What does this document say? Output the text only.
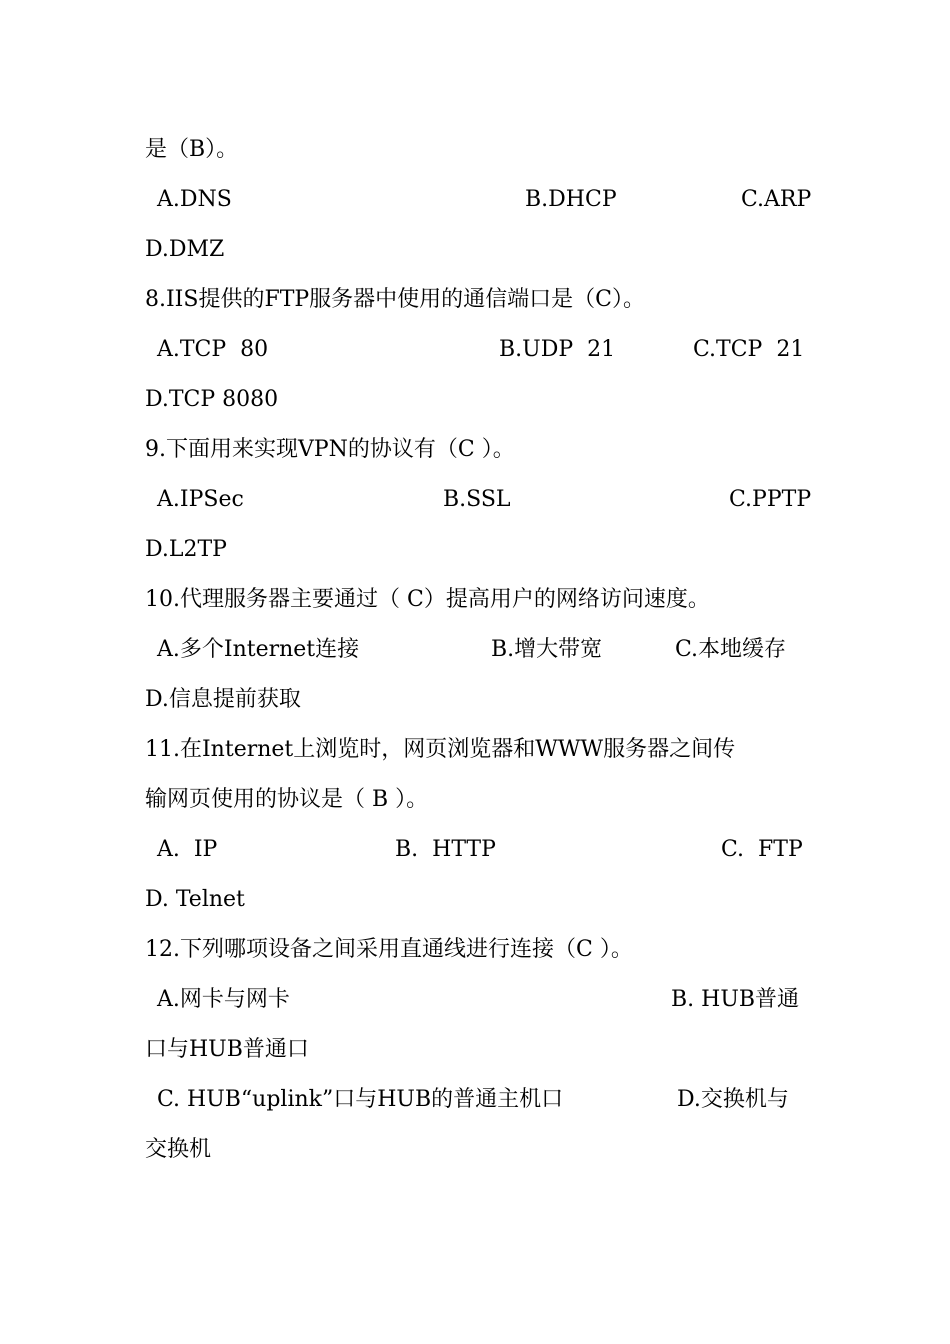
是（B）。

A.DNS

	B.DHCP

	C.ARP

D.DMZ
8.IIS提供的FTP服务器中使用的通信端口是（C）。

A.TCP  80

	B.UDP  21

	C.TCP  21

D.TCP 8080
9.下面用来实现VPN的协议有（C ）。

A.IPSec

	B.SSL

	C.PPTP

D.L2TP
10.代理服务器主要通过（ C）提高用户的网络访问速度。

A.多个Internet连接

	B.增大带宽

	C.本地缓存

D.信息提前获取
11.在Internet上浏览时，网页浏览器和WWW服务器之间传
输网页使用的协议是（ B ）。

A.  IP

	B.  HTTP

	C.  FTP

D. Telnet
12.下列哪项设备之间采用直通线进行连接（C ）。

A.网卡与网卡

	B. HUB普通

口与HUB普通口

C. HUB“uplink”口与HUB的普通主机口

	D.交换机与

交换机
